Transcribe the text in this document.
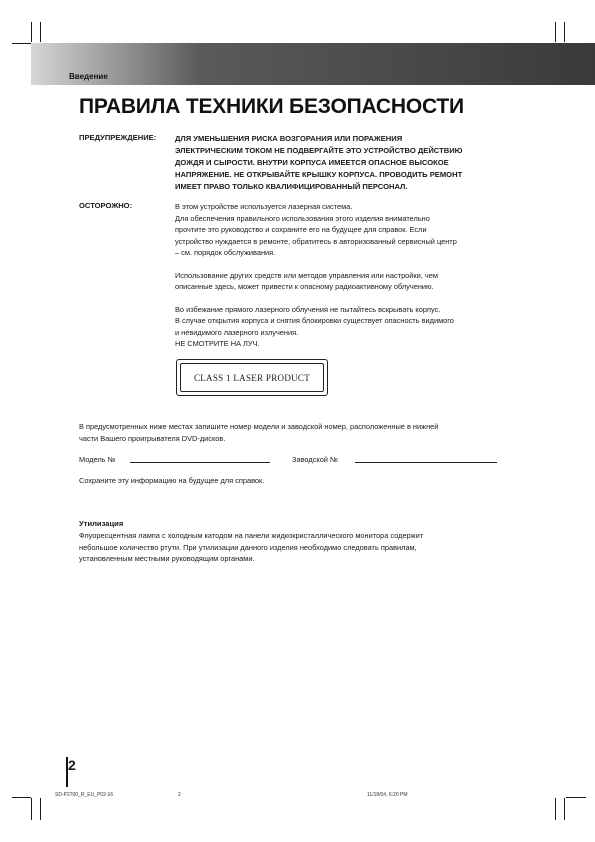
Введение
ПРАВИЛА ТЕХНИКИ БЕЗОПАСНОСТИ
ПРЕДУПРЕЖДЕНИЕ: ДЛЯ УМЕНЬШЕНИЯ РИСКА ВОЗГОРАНИЯ ИЛИ ПОРАЖЕНИЯ
ЭЛЕКТРИЧЕСКИМ ТОКОМ НЕ ПОДВЕРГАЙТЕ ЭТО УСТРОЙСТВО ДЕЙСТВИЮ
ДОЖДЯ И СЫРОСТИ. ВНУТРИ КОРПУСА ИМЕЕТСЯ ОПАСНОЕ ВЫСОКОЕ
НАПРЯЖЕНИЕ. НЕ ОТКРЫВАЙТЕ КРЫШКУ КОРПУСА. ПРОВОДИТЬ РЕМОНТ
ИМЕЕТ ПРАВО ТОЛЬКО КВАЛИФИЦИРОВАННЫЙ ПЕРСОНАЛ.
ОСТОРОЖНО:	В этом устройстве используется лазерная система.
Для обеспечения правильного использования этого изделия внимательно
прочтите это руководство и сохраните его на будущее для справок. Если
устройство нуждается в ремонте, обратитесь в авторизованный сервисный центр
– см. порядок обслуживания.

Использование других средств или методов управления или настройки, чем
описанные здесь, может привести к опасному радиоактивному облучению.

Во избежание прямого лазерного облучения не пытайтесь вскрывать корпус.
В случае открытия корпуса и снятия блокировки существует опасность видимого
и невидимого лазерного излучения.
НЕ СМОТРИТЕ НА ЛУЧ.

CLASS 1 LASER PRODUCT
В предусмотренных ниже местах запишите номер модели и заводской номер, расположенные в нижней
части Вашего проигрывателя DVD-дисков.
Модель №	Заводской №
Сохраните эту информацию на будущее для справок.
Утилизация
Флуоресцентная лампа с холодным катодом на панели жидкокристаллического монитора содержит
небольшое количество ртути. При утилизации данного изделия необходимо следовать правилам,
установленным местными руководящим органами.
2
SD-P2700_R_EU_P02-16	2	11/18/04, 6:20 PM
